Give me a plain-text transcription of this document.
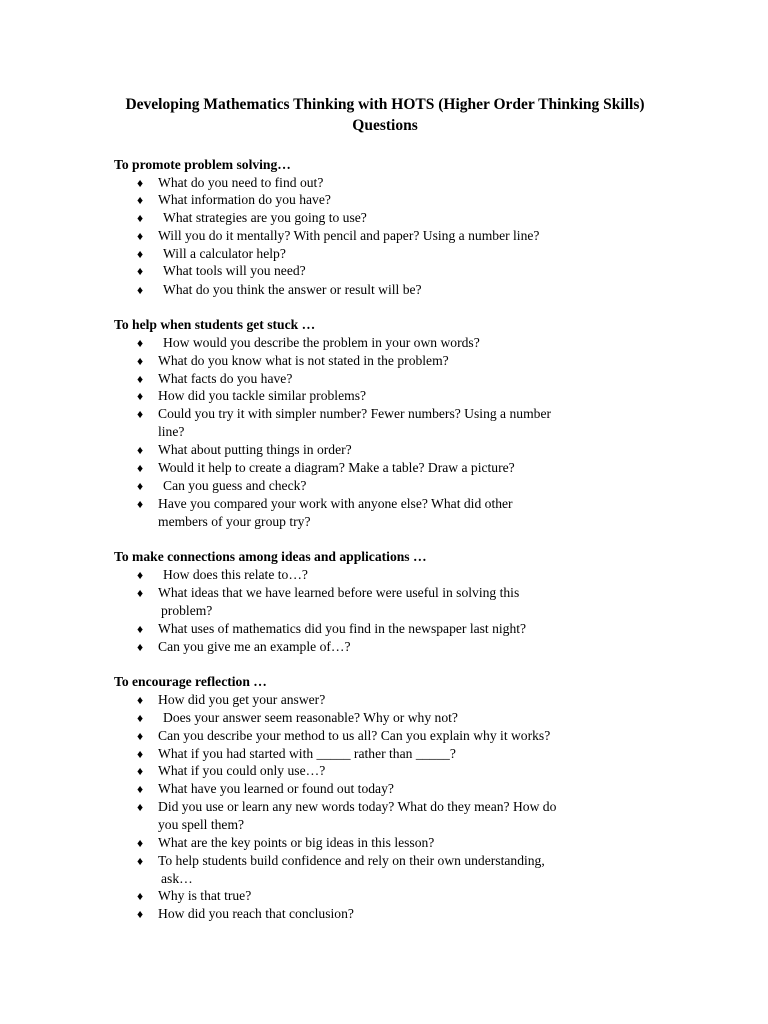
Developing Mathematics Thinking with HOTS (Higher Order Thinking Skills) Questions
To promote problem solving…
♦ What do you need to find out?
♦ What information do you have?
♦ What strategies are you going to use?
♦ Will you do it mentally? With pencil and paper? Using a number line?
♦ Will a calculator help?
♦ What tools will you need?
♦ What do you think the answer or result will be?
To help when students get stuck …
♦ How would you describe the problem in your own words?
♦ What do you know what is not stated in the problem?
♦ What facts do you have?
♦ How did you tackle similar problems?
♦ Could you try it with simpler number? Fewer numbers? Using a number
line?
♦ What about putting things in order?
♦ Would it help to create a diagram? Make a table? Draw a picture?
♦ Can you guess and check?
♦ Have you compared your work with anyone else? What did other
members of your group try?
To make connections among ideas and applications …
♦ How does this relate to…?
♦ What ideas that we have learned before were useful in solving this
problem?
♦ What uses of mathematics did you find in the newspaper last night?
♦ Can you give me an example of…?
To encourage reflection …
♦ How did you get your answer?
♦ Does your answer seem reasonable? Why or why not?
♦ Can you describe your method to us all? Can you explain why it works?
♦ What if you had started with _____ rather than _____?
♦ What if you could only use…?
♦ What have you learned or found out today?
♦ Did you use or learn any new words today? What do they mean? How do
you spell them?
♦ What are the key points or big ideas in this lesson?
♦ To help students build confidence and rely on their own understanding,
ask…
♦ Why is that true?
♦ How did you reach that conclusion?
